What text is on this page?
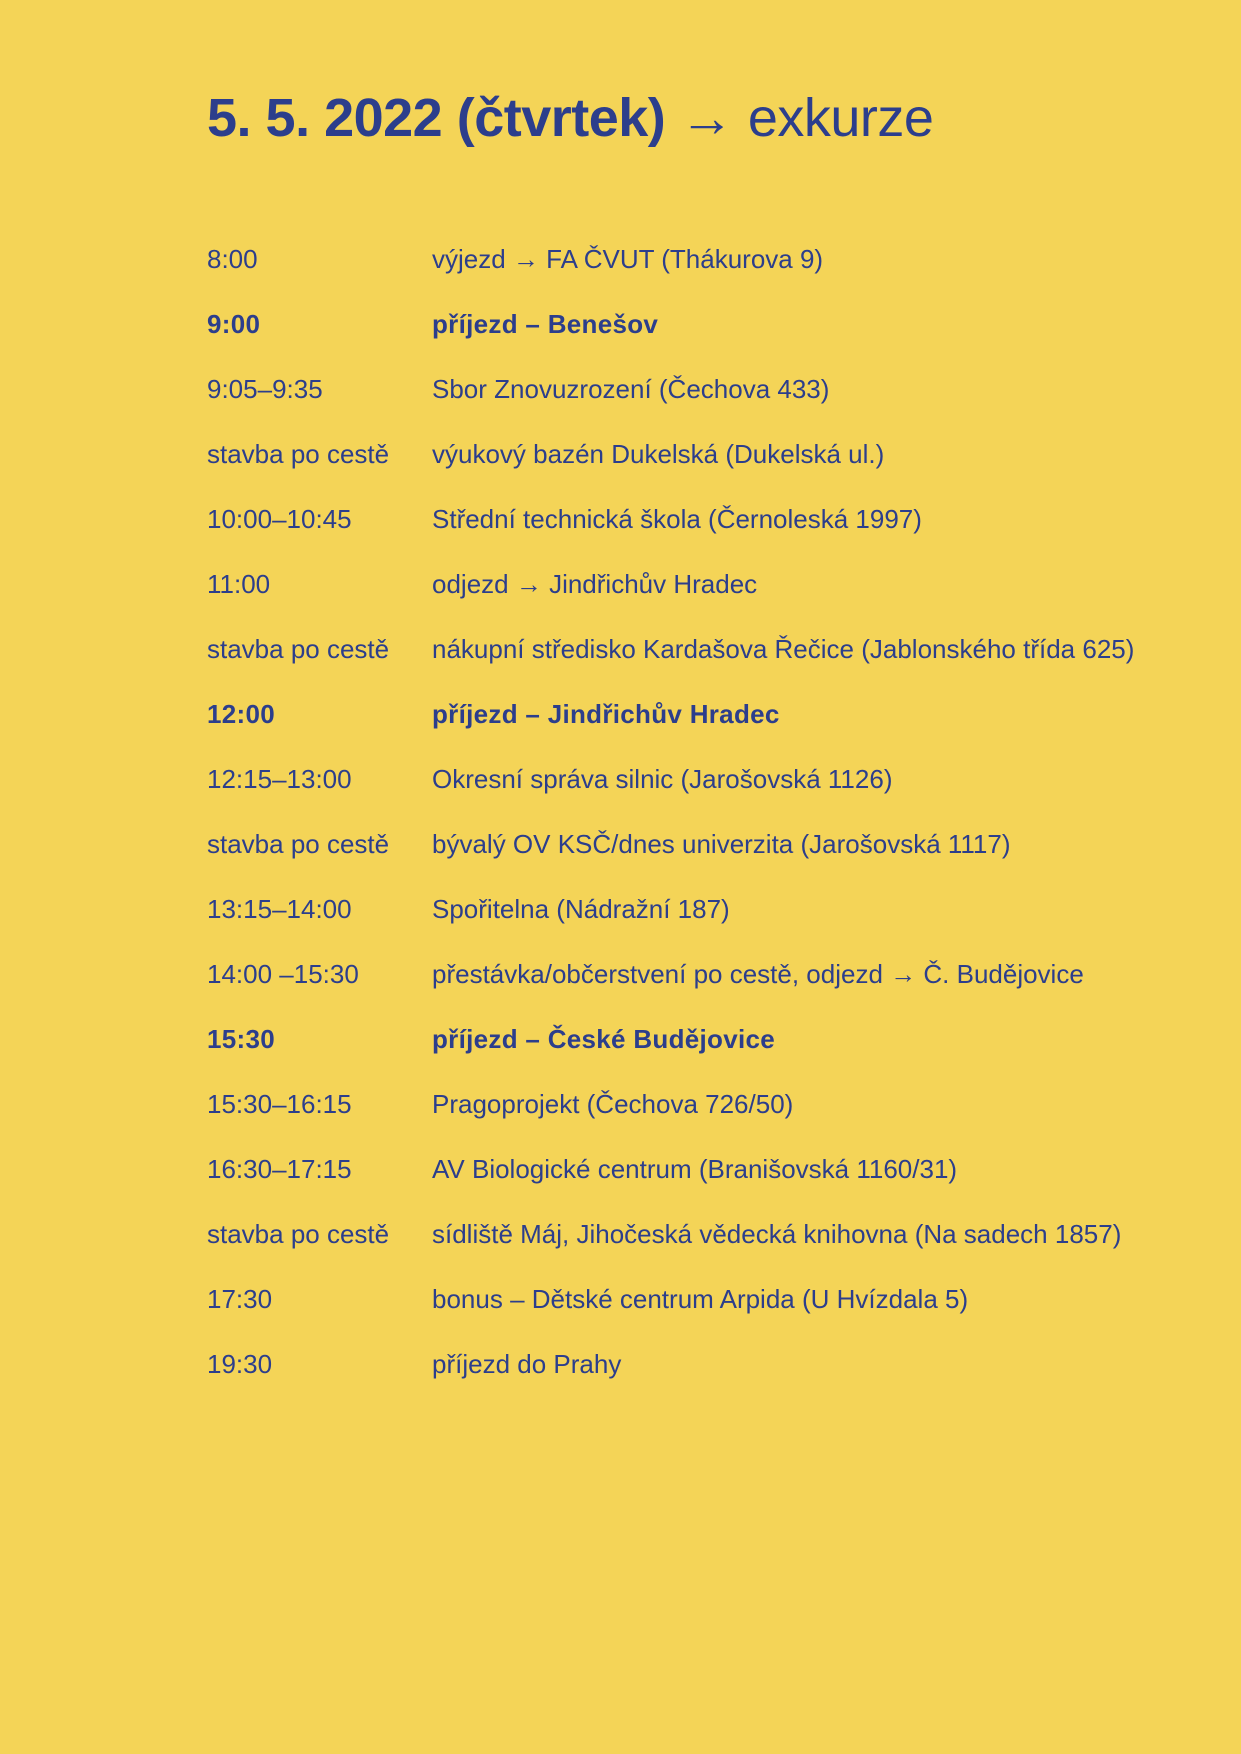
5. 5. 2022 (čtvrtek) → exkurze
8:00	výjezd → FA ČVUT (Thákurova 9)
9:00	příjezd – Benešov
9:05–9:35	Sbor Znovuzrození (Čechova 433)
stavba po cestě	výukový bazén Dukelská (Dukelská ul.)
10:00–10:45	Střední technická škola (Černoleská 1997)
11:00	odjezd → Jindřichův Hradec
stavba po cestě	nákupní středisko Kardašova Řečice (Jablonského třída 625)
12:00	příjezd – Jindřichův Hradec
12:15–13:00	Okresní správa silnic (Jarošovská 1126)
stavba po cestě	bývalý OV KSČ/dnes univerzita (Jarošovská 1117)
13:15–14:00	Spořitelna (Nádražní 187)
14:00 –15:30	přestávka/občerstvení po cestě, odjezd → Č. Budějovice
15:30	příjezd – České Budějovice
15:30–16:15	Pragoprojekt (Čechova 726/50)
16:30–17:15	AV Biologické centrum (Branišovská 1160/31)
stavba po cestě	sídliště Máj, Jihočeská vědecká knihovna (Na sadech 1857)
17:30	bonus – Dětské centrum Arpida (U Hvízdala 5)
19:30	příjezd do Prahy
